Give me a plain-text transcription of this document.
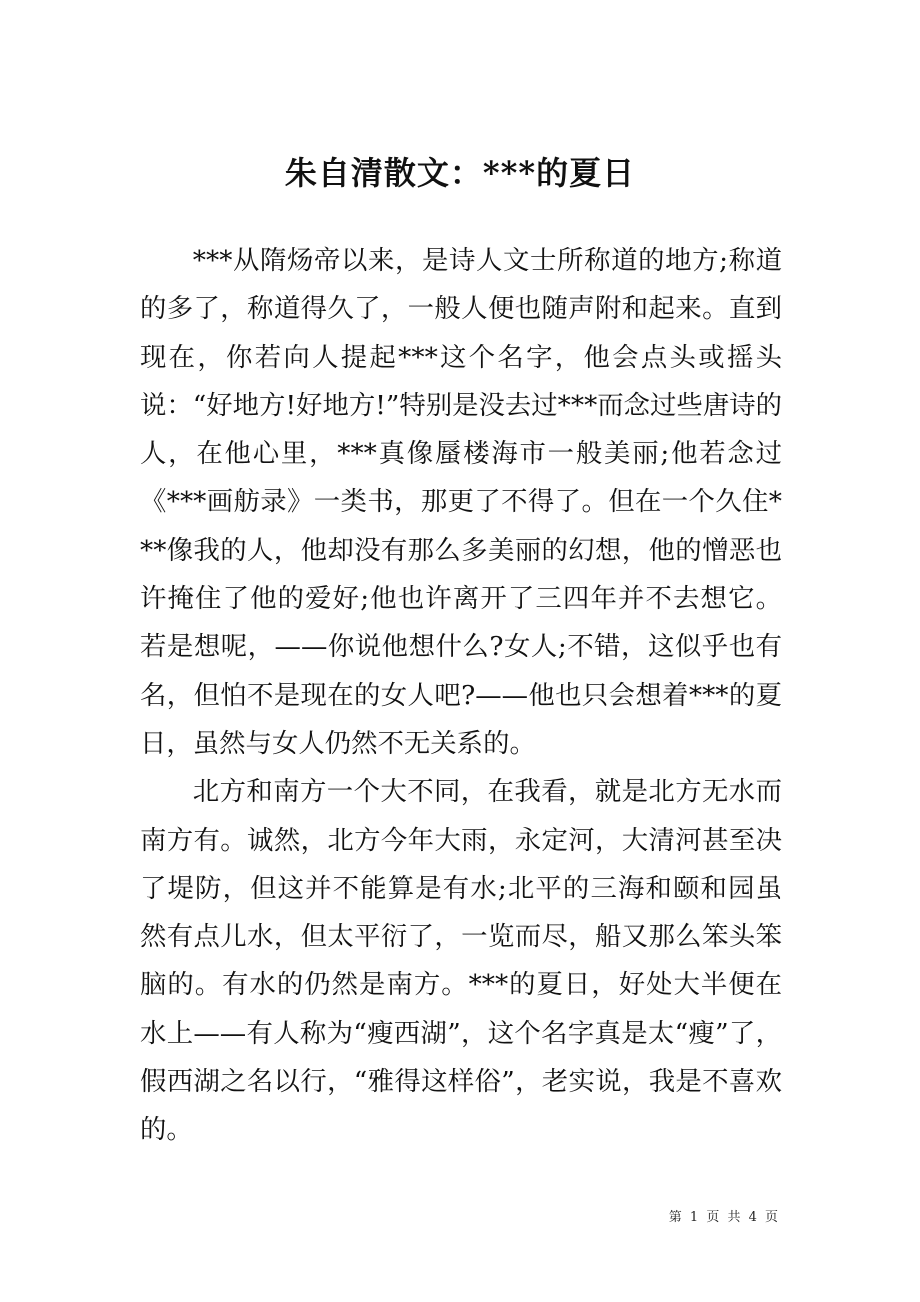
朱自清散文：***的夏日

***从隋炀帝以来，是诗人文士所称道的地方;称道的多了，称道得久了，一般人便也随声附和起来。直到现在，你若向人提起***这个名字，他会点头或摇头说：“好地方!好地方!”特别是没去过***而念过些唐诗的人，在他心里，***真像蜃楼海市一般美丽;他若念过《***画舫录》一类书，那更了不得了。但在一个久住***像我的人，他却没有那么多美丽的幻想，他的憎恶也许掩住了他的爱好;他也许离开了三四年并不去想它。若是想呢，——你说他想什么?女人;不错，这似乎也有名，但怕不是现在的女人吧?——他也只会想着***的夏日，虽然与女人仍然不无关系的。

北方和南方一个大不同，在我看，就是北方无水而南方有。诚然，北方今年大雨，永定河，大清河甚至决了堤防，但这并不能算是有水;北平的三海和颐和园虽然有点儿水，但太平衍了，一览而尽，船又那么笨头笨脑的。有水的仍然是南方。***的夏日，好处大半便在水上——有人称为“瘦西湖”，这个名字真是太“瘦”了，假西湖之名以行，“雅得这样俗”，老实说，我是不喜欢的。

第 1 页 共 4 页
